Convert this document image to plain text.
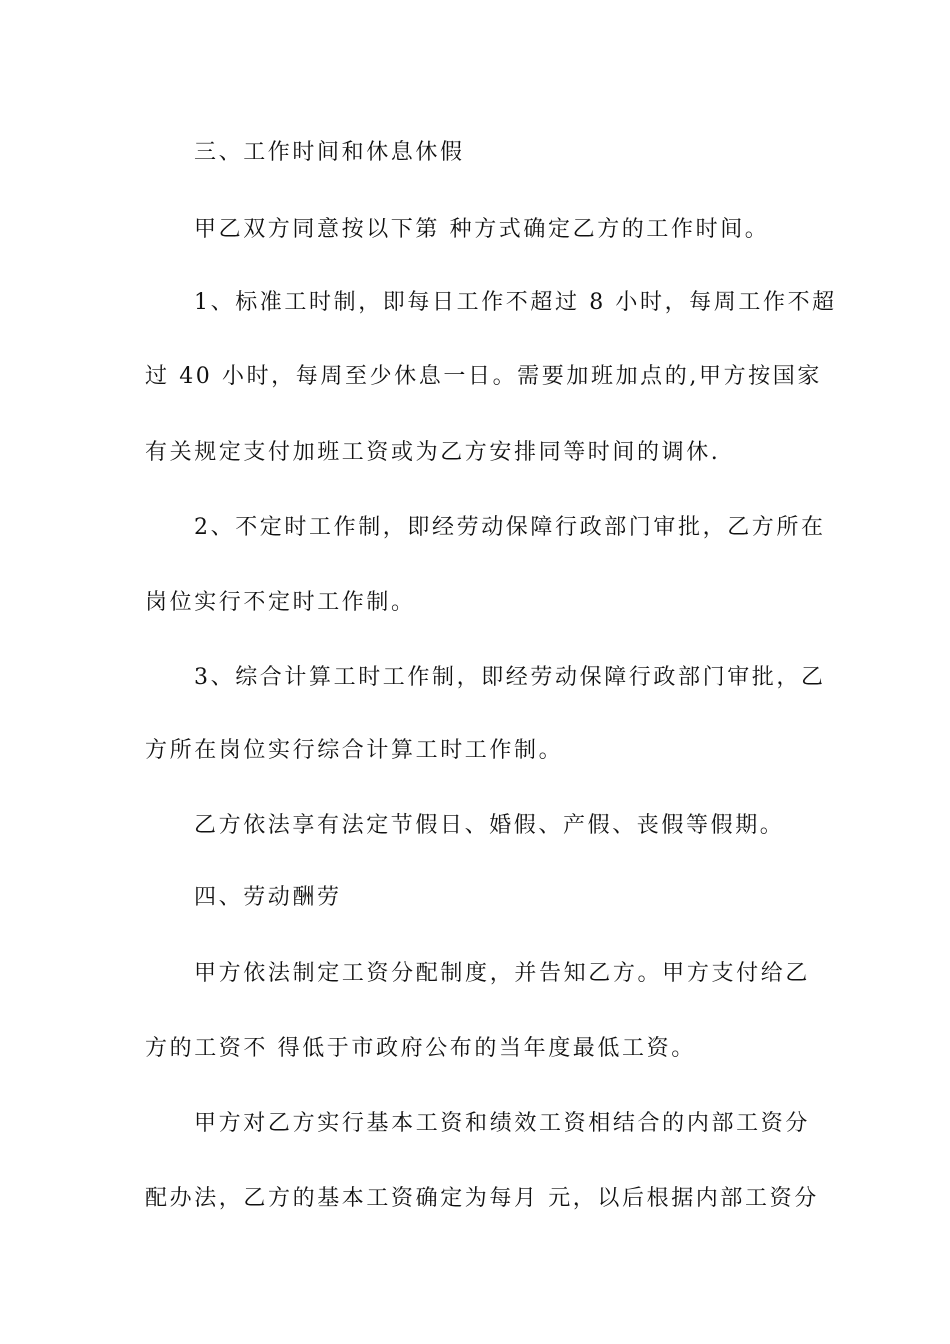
三、工作时间和休息休假
甲乙双方同意按以下第 种方式确定乙方的工作时间。
1、标准工时制，即每日工作不超过 8 小时，每周工作不超
过 40 小时，每周至少休息一日。需要加班加点的,甲方按国家
有关规定支付加班工资或为乙方安排同等时间的调休.
2、不定时工作制，即经劳动保障行政部门审批，乙方所在
岗位实行不定时工作制。
3、综合计算工时工作制，即经劳动保障行政部门审批，乙
方所在岗位实行综合计算工时工作制。
乙方依法享有法定节假日、婚假、产假、丧假等假期。
四、劳动酬劳
甲方依法制定工资分配制度，并告知乙方。甲方支付给乙
方的工资不 得低于市政府公布的当年度最低工资。
甲方对乙方实行基本工资和绩效工资相结合的内部工资分
配办法，乙方的基本工资确定为每月 元，以后根据内部工资分
